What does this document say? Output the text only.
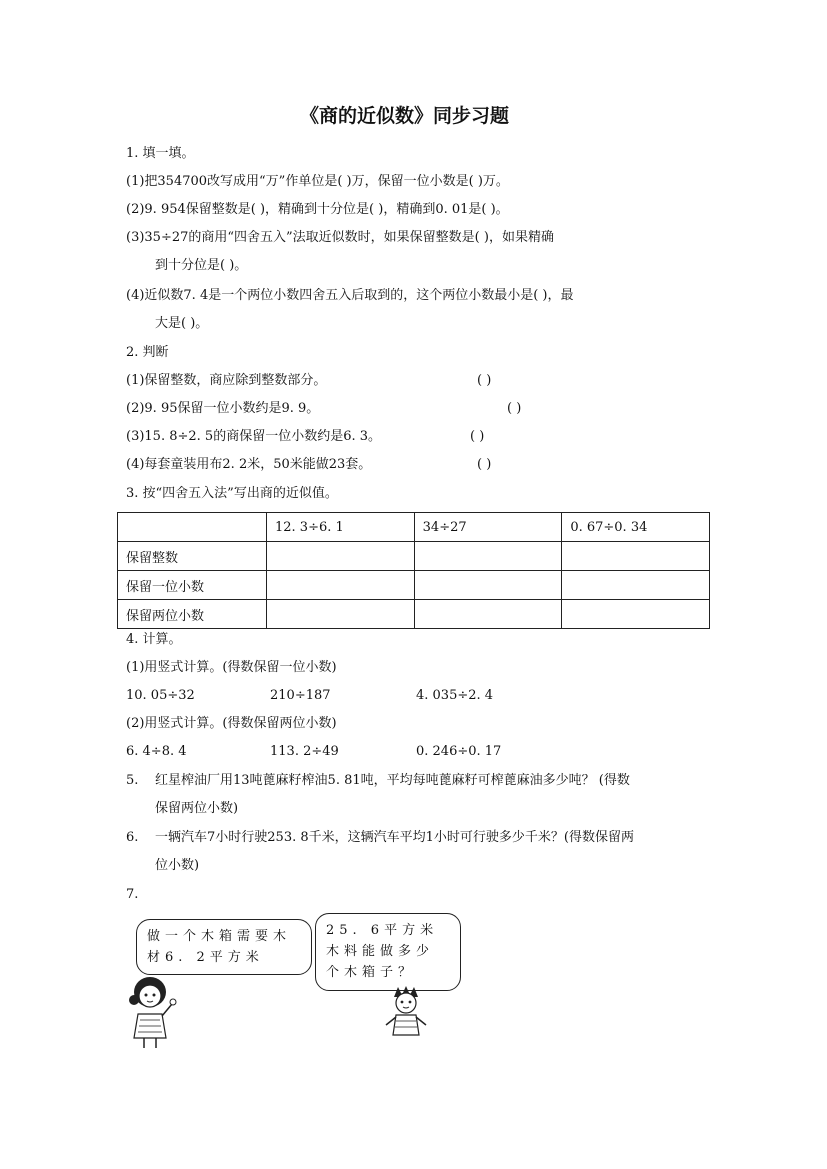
《商的近似数》同步习题
1. 填一填。
(1)把354700改写成用“万”作单位是( )万，保留一位小数是( )万。
(2)9. 954保留整数是( )，精确到十分位是( )，精确到0. 01是( )。
(3)35÷27的商用“四舍五入”法取近似数时，如果保留整数是( )，如果精确
到十分位是( )。
(4)近似数7. 4是一个两位小数四舍五入后取到的，这个两位小数最小是( )，最
大是( )。
2. 判断
(1)保留整数，商应除到整数部分。	( )
(2)9. 95保留一位小数约是9. 9。	( )
(3)15. 8÷2. 5的商保留一位小数约是6. 3。	( )
(4)每套童装用布2. 2米，50米能做23套。	( )
3. 按“四舍五入法”写出商的近似值。
	12. 3÷6. 1	34÷27	0. 67÷0. 34
保留整数			
保留一位小数			
保留两位小数			
4. 计算。
(1)用竖式计算。(得数保留一位小数)
10. 05÷32	210÷187	4. 035÷2. 4
(2)用竖式计算。(得数保留两位小数)
6. 4÷8. 4	113. 2÷49	0. 246÷0. 17
5. 红星榨油厂用13吨蓖麻籽榨油5. 81吨，平均每吨蓖麻籽可榨蓖麻油多少吨？ (得数
保留两位小数)
6. 一辆汽车7小时行驶253. 8千米，这辆汽车平均1小时可行驶多少千米？(得数保留两
位小数)
7.
做一个木箱需要木材6. 2平方米
25. 6平方米木料能做多少个木箱子？
